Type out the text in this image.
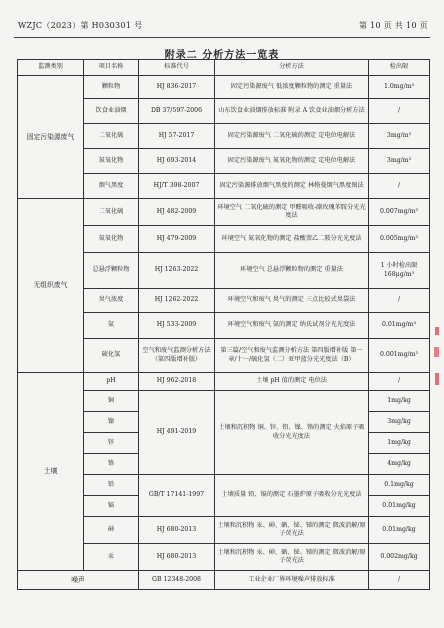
WZJC（2023）第 H030301 号	第 10 页 共 10 页
附录二 分析方法一览表
监测类别	项目名称	标准代号	分析方法	检出限
固定污染源废气	颗粒物	HJ 836-2017	固定污染源废气 低浓度颗粒物的测定 重量法	1.0mg/m³
	饮食业油烟	DB 37/597-2006	山东饮食业油烟排放标准 附录 A 饮食业油烟分析方法	/
	二氧化硫	HJ 57-2017	固定污染源废气 二氧化硫的测定 定电位电解法	3mg/m³
	氮氧化物	HJ 693-2014	固定污染源废气 氮氧化物的测定 定电位电解法	3mg/m³
	烟气黑度	HJ/T 398-2007	固定污染源排放烟气黑度的测定 林格曼烟气黑度图法	/
无组织废气	二氧化硫	HJ 482-2009	环境空气 二氧化硫的测定 甲醛吸收-副玫瑰苯胺分光光度法	0.007mg/m³
	氮氧化物	HJ 479-2009	环境空气 氮氧化物的测定 盐酸萘乙二胺分光光度法	0.005mg/m³
	总悬浮颗粒物	HJ 1263-2022	环境空气 总悬浮颗粒物的测定 重量法	1 小时检出限 168μg/m³
	臭气浓度	HJ 1262-2022	环境空气和废气 臭气的测定 三点比较式臭袋法	/
	氨	HJ 533-2009	环境空气和废气 氨的测定 纳氏试剂分光光度法	0.01mg/m³
	硫化氢	空气和废气监测分析方法（第四版增补版）	第三篇/空气和废气监测分析方法 第四版增补版 第一章/十一/硫化氢（二）亚甲蓝分光光度法（B）	0.001mg/m³
土壤	pH	HJ 962-2018	土壤 pH 值的测定 电位法	/
	铜	HJ 491-2019	土壤和沉积物 铜、锌、铅、镍、铬的测定 火焰原子吸收分光光度法	1mg/kg
	镍			3mg/kg
	锌			1mg/kg
	铬			4mg/kg
	铅	GB/T 17141-1997	土壤质量 铅、镉的测定 石墨炉原子吸收分光光度法	0.1mg/kg
	镉			0.01mg/kg
	砷	HJ 680-2013	土壤和沉积物 汞、砷、硒、铋、锑的测定 微波消解/原子荧光法	0.01mg/kg
	汞	HJ 680-2013	土壤和沉积物 汞、砷、硒、铋、锑的测定 微波消解/原子荧光法	0.002mg/kg
噪声		GB 12348-2008	工业企业厂界环境噪声排放标准	/
